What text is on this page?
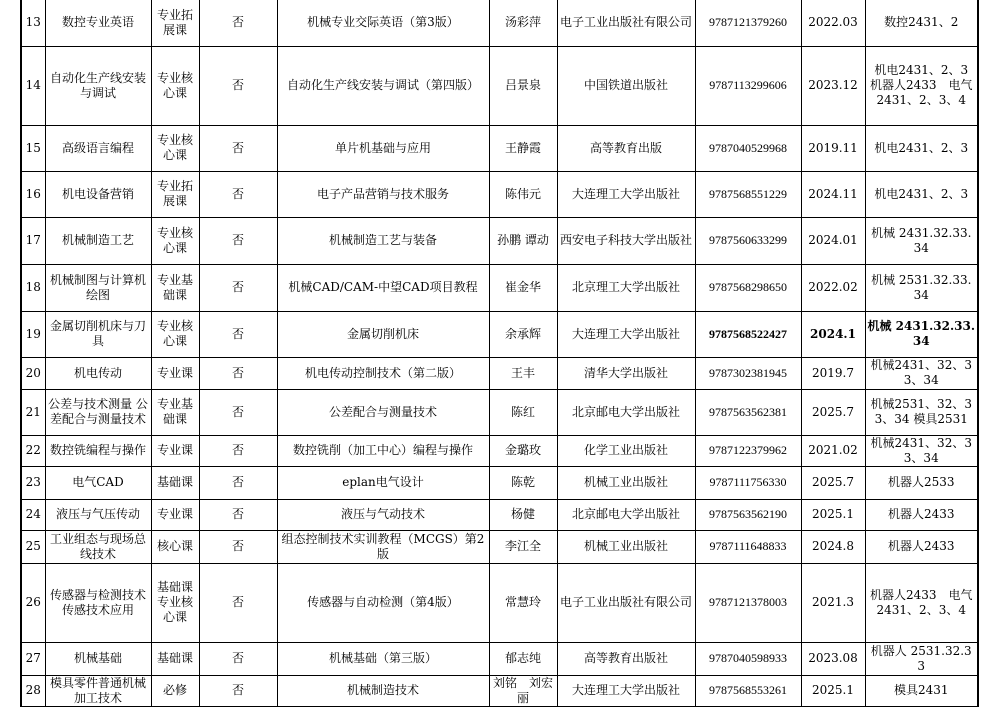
13	数控专业英语	专业拓展课	否	机械专业交际英语（第3版）	汤彩萍	电子工业出版社有限公司	9787121379260	2022.03	数控2431、2
14	自动化生产线安装与调试	专业核心课	否	自动化生产线安装与调试（第四版）	吕景泉	中国铁道出版社	9787113299606	2023.12	机电2431、2、3 机器人2433　电气2431、2、3、4
15	高级语言编程	专业核心课	否	单片机基础与应用	王静霞	高等教育出版	9787040529968	2019.11	机电2431、2、3
16	机电设备营销	专业拓展课	否	电子产品营销与技术服务	陈伟元	大连理工大学出版社	9787568551229	2024.11	机电2431、2、3
17	机械制造工艺	专业核心课	否	机械制造工艺与装备	孙鹏 谭动	西安电子科技大学出版社	9787560633299	2024.01	机械 2431.32.33.34
18	机械制图与计算机绘图	专业基础课	否	机械CAD/CAM-中望CAD项目教程	崔金华	北京理工大学出版社	9787568298650	2022.02	机械 2531.32.33.34
19	金属切削机床与刀具	专业核心课	否	金属切削机床	余承辉	大连理工大学出版社	9787568522427	2024.1	机械 2431.32.33.34
20	机电传动	专业课	否	机电传动控制技术（第二版）	王丰	清华大学出版社	9787302381945	2019.7	机械2431、32、33、34
21	公差与技术测量 公差配合与测量技术	专业基础课	否	公差配合与测量技术	陈红	北京邮电大学出版社	9787563562381	2025.7	机械2531、32、33、34 模具2531
22	数控铣编程与操作	专业课	否	数控铣削（加工中心）编程与操作	金璐玫	化学工业出版社	9787122379962	2021.02	机械2431、32、33、34
23	电气CAD	基础课	否	eplan电气设计	陈乾	机械工业出版社	9787111756330	2025.7	机器人2533
24	液压与气压传动	专业课	否	液压与气动技术	杨健	北京邮电大学出版社	9787563562190	2025.1	机器人2433
25	工业组态与现场总线技术	核心课	否	组态控制技术实训教程（MCGS）第2版	李江全	机械工业出版社	9787111648833	2024.8	机器人2433
26	传感器与检测技术　传感技术应用	基础课 专业核心课	否	传感器与自动检测（第4版）	常慧玲	电子工业出版社有限公司	9787121378003	2021.3	机器人2433　电气2431、2、3、4
27	机械基础	基础课	否	机械基础（第三版）	郁志纯	高等教育出版社	9787040598933	2023.08	机器人 2531.32.33
28	模具零件普通机械加工技术	必修	否	机械制造技术	刘铭　刘宏丽	大连理工大学出版社	9787568553261	2025.1	模具2431
